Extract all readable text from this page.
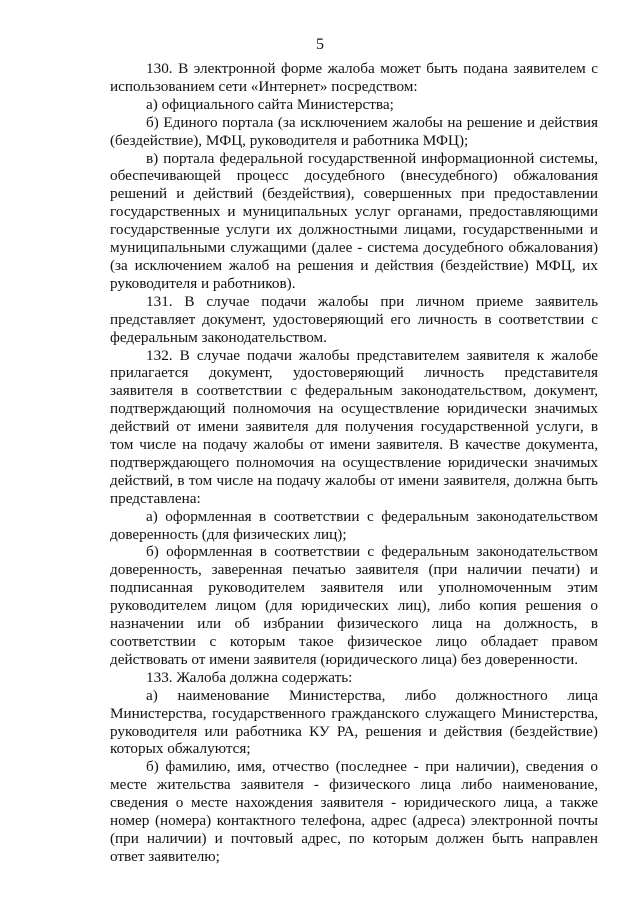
5

130. В электронной форме жалоба может быть подана заявителем с использованием сети «Интернет» посредством:

а) официального сайта Министерства;

б) Единого портала (за исключением жалобы на решение и действия (бездействие), МФЦ, руководителя и работника МФЦ);

в) портала федеральной государственной информационной системы, обеспечивающей процесс досудебного (внесудебного) обжалования решений и действий (бездействия), совершенных при предоставлении государственных и муниципальных услуг органами, предоставляющими государственные услуги их должностными лицами, государственными и муниципальными служащими (далее - система досудебного обжалования) (за исключением жалоб на решения и действия (бездействие) МФЦ, их руководителя и работников).

131. В случае подачи жалобы при личном приеме заявитель представляет документ, удостоверяющий его личность в соответствии с федеральным законодательством.

132. В случае подачи жалобы представителем заявителя к жалобе прилагается документ, удостоверяющий личность представителя заявителя в соответствии с федеральным законодательством, документ, подтверждающий полномочия на осуществление юридически значимых действий от имени заявителя для получения государственной услуги, в том числе на подачу жалобы от имени заявителя. В качестве документа, подтверждающего полномочия на осуществление юридически значимых действий, в том числе на подачу жалобы от имени заявителя, должна быть представлена:

а) оформленная в соответствии с федеральным законодательством доверенность (для физических лиц);

б) оформленная в соответствии с федеральным законодательством доверенность, заверенная печатью заявителя (при наличии печати) и подписанная руководителем заявителя или уполномоченным этим руководителем лицом (для юридических лиц), либо копия решения о назначении или об избрании физического лица на должность, в соответствии с которым такое физическое лицо обладает правом действовать от имени заявителя (юридического лица) без доверенности.

133. Жалоба должна содержать:

а) наименование Министерства, либо должностного лица Министерства, государственного гражданского служащего Министерства, руководителя или работника КУ РА, решения и действия (бездействие) которых обжалуются;

б) фамилию, имя, отчество (последнее - при наличии), сведения о месте жительства заявителя - физического лица либо наименование, сведения о месте нахождения заявителя - юридического лица, а также номер (номера) контактного телефона, адрес (адреса) электронной почты (при наличии) и почтовый адрес, по которым должен быть направлен ответ заявителю;
